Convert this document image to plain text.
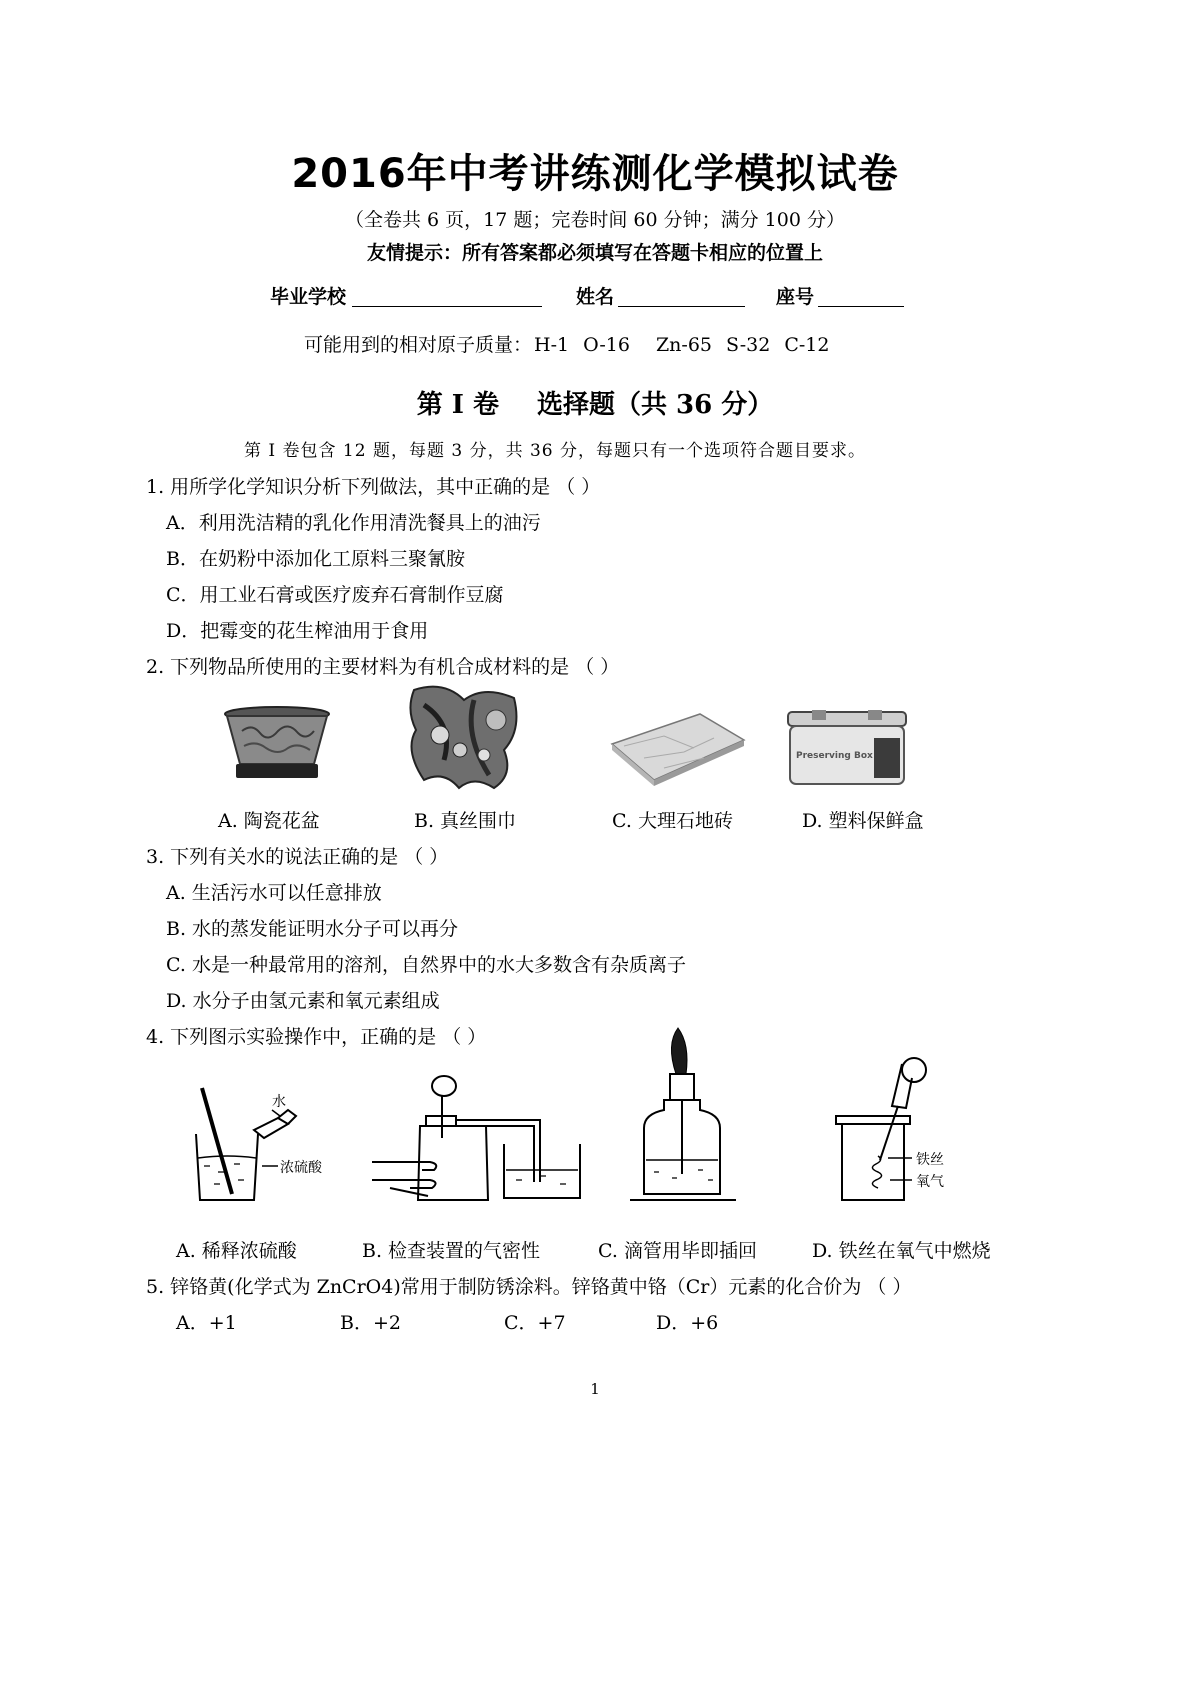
2016年中考讲练测化学模拟试卷
（全卷共 6 页，17 题；完卷时间 60 分钟；满分 100 分）
友情提示：所有答案都必须填写在答题卡相应的位置上
毕业学校	姓名	座号
可能用到的相对原子质量： H-1 O-16 Zn-65 S-32 C-12
第 I 卷 选择题（共 36 分）
第 I 卷包含 12 题，每题 3 分，共 36 分，每题只有一个选项符合题目要求。
1. 用所学化学知识分析下列做法，其中正确的是 （ ）
A．利用洗洁精的乳化作用清洗餐具上的油污
B．在奶粉中添加化工原料三聚氰胺
C．用工业石膏或医疗废弃石膏制作豆腐
D．把霉变的花生榨油用于食用
2. 下列物品所使用的主要材料为有机合成材料的是 （ ）
Preserving Box
A. 陶瓷花盆	B. 真丝围巾	C. 大理石地砖	D. 塑料保鲜盒
3. 下列有关水的说法正确的是 （ ）
A. 生活污水可以任意排放
B. 水的蒸发能证明水分子可以再分
C. 水是一种最常用的溶剂，自然界中的水大多数含有杂质离子
D. 水分子由氢元素和氧元素组成
4. 下列图示实验操作中，正确的是 （ ）
水
浓硫酸	铁丝
氧气
A. 稀释浓硫酸	B. 检查装置的气密性	C. 滴管用毕即插回	D. 铁丝在氧气中燃烧
5. 锌铬黄(化学式为 ZnCrO4)常用于制防锈涂料。锌铬黄中铬（Cr）元素的化合价为 （ ）
A．+1	B．+2	C．+7	D．+6
1
